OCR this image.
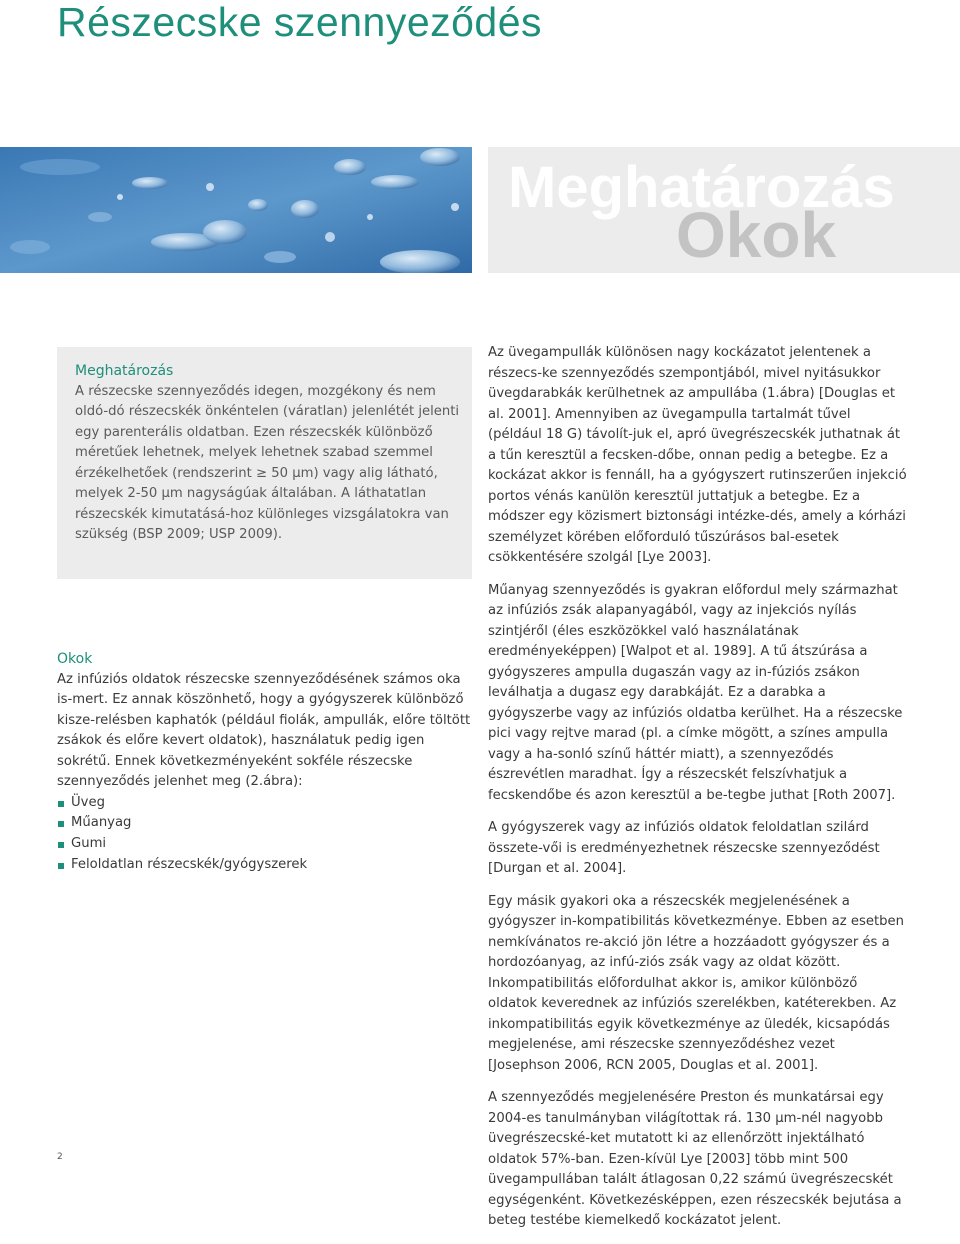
Részecske szennyeződés
Meghatározás
Okok
Meghatározás
A részecske szennyeződés idegen, mozgékony és nem oldó-dó részecskék önkéntelen (váratlan) jelenlétét jelenti egy parenterális oldatban. Ezen részecskék különböző méretűek lehetnek, melyek lehetnek szabad szemmel érzékelhetőek (rendszerint ≥ 50 µm) vagy alig látható, melyek 2-50 µm nagyságúak általában. A láthatatlan részecskék kimutatásá-hoz különleges vizsgálatokra van szükség (BSP 2009; USP 2009).
Okok
Az infúziós oldatok részecske szennyeződésének számos oka is-mert. Ez annak köszönhető, hogy a gyógyszerek különböző kisze-relésben kaphatók (például fiolák, ampullák, előre töltött zsákok és előre kevert oldatok), használatuk pedig igen sokrétű. Ennek következményeként sokféle részecske szennyeződés jelenhet meg (2.ábra):
Üveg
Műanyag
Gumi
Feloldatlan részecskék/gyógyszerek

Az üvegampullák különösen nagy kockázatot jelentenek a részecs-ke szennyeződés szempontjából, mivel nyitásukkor üvegdarabkák kerülhetnek az ampullába (1.ábra) [Douglas et al. 2001]. Amennyiben az üvegampulla tartalmát tűvel (például 18 G) távolít-juk el, apró üvegrészecskék juthatnak át a tűn keresztül a fecsken-dőbe, onnan pedig a betegbe. Ez a kockázat akkor is fennáll, ha a gyógyszert rutinszerűen injekció portos vénás kanülön keresztül juttatjuk a betegbe. Ez a módszer egy közismert biztonsági intézke-dés, amely a kórházi személyzet körében előforduló tűszúrásos bal-esetek csökkentésére szolgál [Lye 2003].

Műanyag szennyeződés is gyakran előfordul mely származhat az infúziós zsák alapanyagából, vagy az injekciós nyílás szintjéről (éles eszközökkel való használatának eredményeképpen) [Walpot et al. 1989]. A tű átszúrása a gyógyszeres ampulla dugaszán vagy az in-fúziós zsákon leválhatja a dugasz egy darabkáját. Ez a darabka a gyógyszerbe vagy az infúziós oldatba kerülhet. Ha a részecske pici vagy rejtve marad (pl. a címke mögött, a színes ampulla vagy a ha-sonló színű háttér miatt), a szennyeződés észrevétlen maradhat. Így a részecskét felszívhatjuk a fecskendőbe és azon keresztül a be-tegbe juthat [Roth 2007].

A gyógyszerek vagy az infúziós oldatok feloldatlan szilárd összete-vői is eredményezhetnek részecske szennyeződést [Durgan et al. 2004].

Egy másik gyakori oka a részecskék megjelenésének a gyógyszer in-kompatibilitás következménye. Ebben az esetben nemkívánatos re-akció jön létre a hozzáadott gyógyszer és a hordozóanyag, az infú-ziós zsák vagy az oldat között. Inkompatibilitás előfordulhat akkor is, amikor különböző oldatok keverednek az infúziós szerelékben, katéterekben. Az inkompatibilitás egyik következménye az üledék, kicsapódás megjelenése, ami részecske szennyeződéshez vezet [Josephson 2006, RCN 2005, Douglas et al. 2001].

A szennyeződés megjelenésére Preston és munkatársai egy 2004-es tanulmányban világítottak rá. 130 µm-nél nagyobb üvegrészecské-ket mutatott ki az ellenőrzött injektálható oldatok 57%-ban. Ezen-kívül Lye [2003] több mint 500 üvegampullában talált átlagosan 0,22 számú üvegrészecskét egységenként. Következésképpen, ezen részecskék bejutása a beteg testébe kiemelkedő kockázatot jelent.

2
